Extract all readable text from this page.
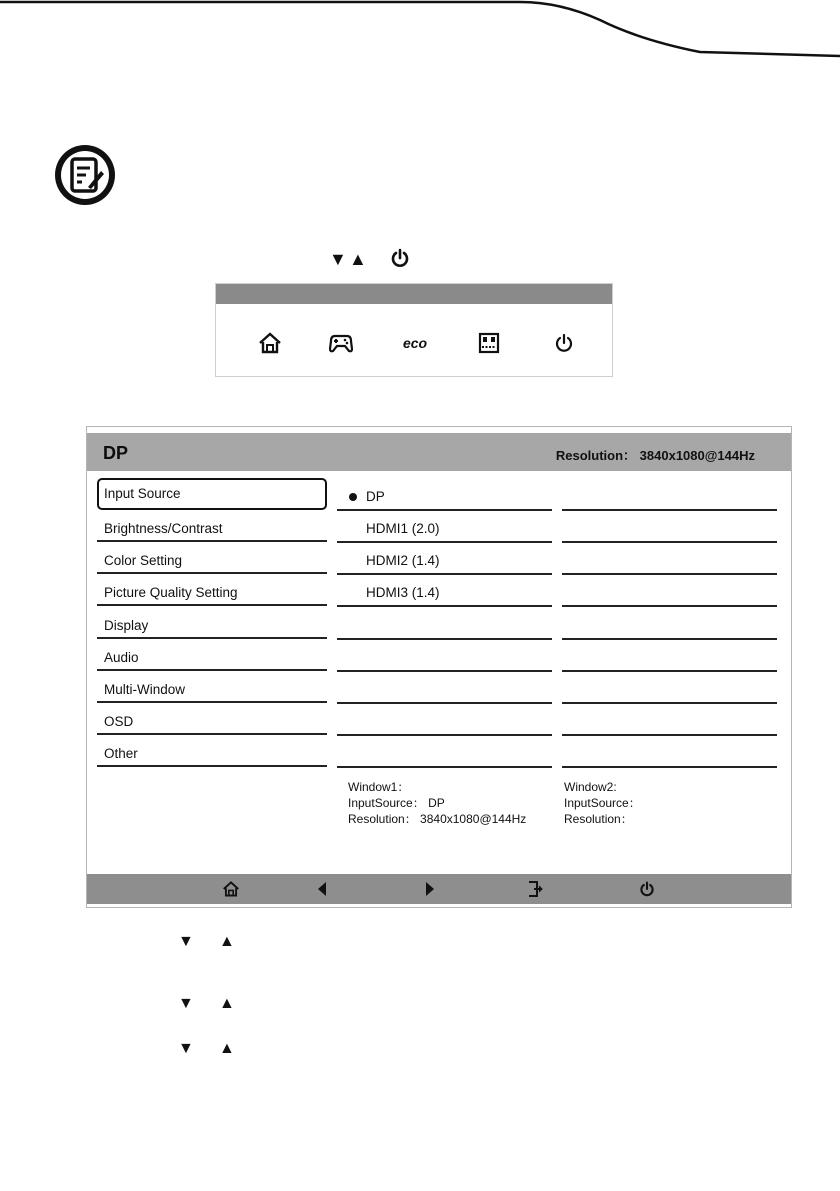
▼ ▲
eco
DP	Resolution： 3840x1080@144Hz
Input Source
Brightness/Contrast
Color Setting
Picture Quality Setting
Display
Audio
Multi-Window
OSD
Other
DP
HDMI1 (2.0)
HDMI2 (1.4)
HDMI3 (1.4)
Window1：
InputSource： DP
Resolution： 3840x1080@144Hz
Window2:
InputSource：
Resolution：
▼ ▲
▼ ▲
▼ ▲
